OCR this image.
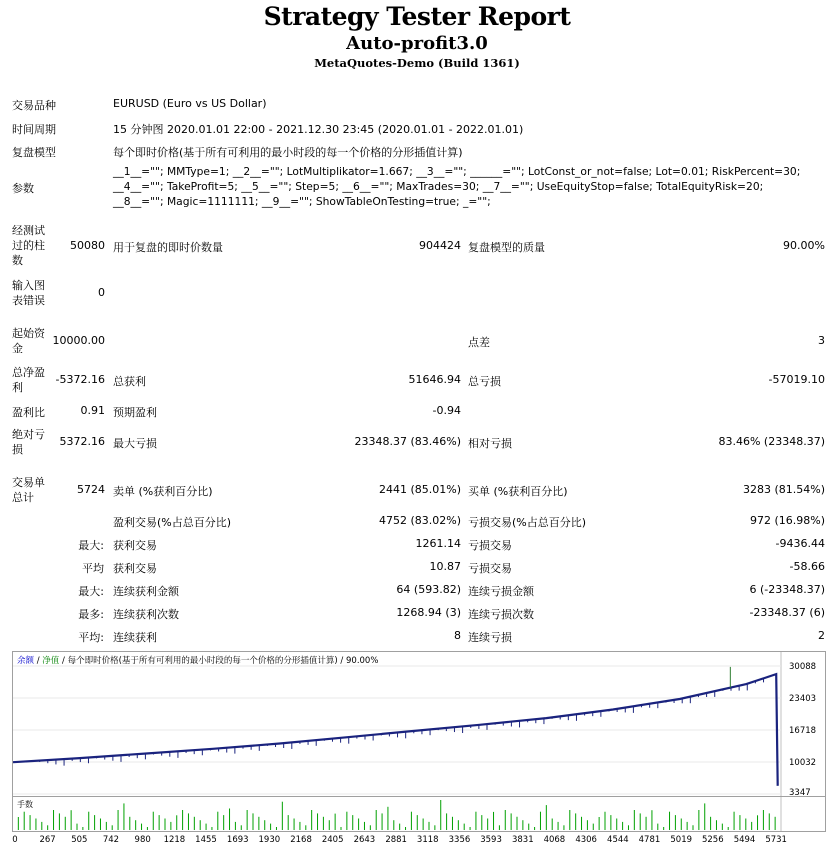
Strategy Tester Report
Auto-profit3.0
MetaQuotes-Demo (Build 1361)
交易品种	EURUSD (Euro vs US Dollar)
时间周期	15 分钟图 2020.01.01 22:00 - 2021.12.30 23:45 (2020.01.01 - 2022.01.01)
复盘模型	每个即时价格(基于所有可利用的最小时段的每一个价格的分形插值计算)
参数
__1__=""; MMType=1; __2__=""; LotMultiplikator=1.667; __3__=""; ______=""; LotConst_or_not=false; Lot=0.01; RiskPercent=30;
__4__=""; TakeProfit=5; __5__=""; Step=5; __6__=""; MaxTrades=30; __7__=""; UseEquityStop=false; TotalEquityRisk=20;
__8__=""; Magic=1111111; __9__=""; ShowTableOnTesting=true; _="";
经测试
过的柱
数
50080 用于复盘的即时价数量	904424 复盘模型的质量	90.00%
输入图
表错误
0
起始资
金
10000.00	点差	3
总净盈
利
-5372.16 总获利	51646.94 总亏损	-57019.10
盈利比	0.91 预期盈利	-0.94
绝对亏
损
5372.16 最大亏损	23348.37 (83.46%) 相对亏损	83.46% (23348.37)
交易单
总计
5724 卖单 (%获利百分比)	2441 (85.01%) 买单 (%获利百分比)	3283 (81.54%)
盈利交易(%占总百分比)	4752 (83.02%) 亏损交易(%占总百分比)	972 (16.98%)
最大: 获利交易	1261.14 亏损交易	-9436.44
平均 获利交易	10.87 亏损交易	-58.66
最大: 连续获利金额	64 (593.82) 连续亏损金额	6 (-23348.37)
最多: 连续获利次数	1268.94 (3) 连续亏损次数	-23348.37 (6)
平均: 连续获利	8 连续亏损	2
30088
23403
16718
10032
3347
余额 / 净值 / 每个即时价格(基于所有可利用的最小时段的每一个价格的分形插值计算) / 90.00%
手数
0	267 505 742 980 1218 1455 1693 1930 2168 2405 2643 2881 3118 3356 3593 3831 4068 4306 4544 4781 5019 5256 5494 5731
